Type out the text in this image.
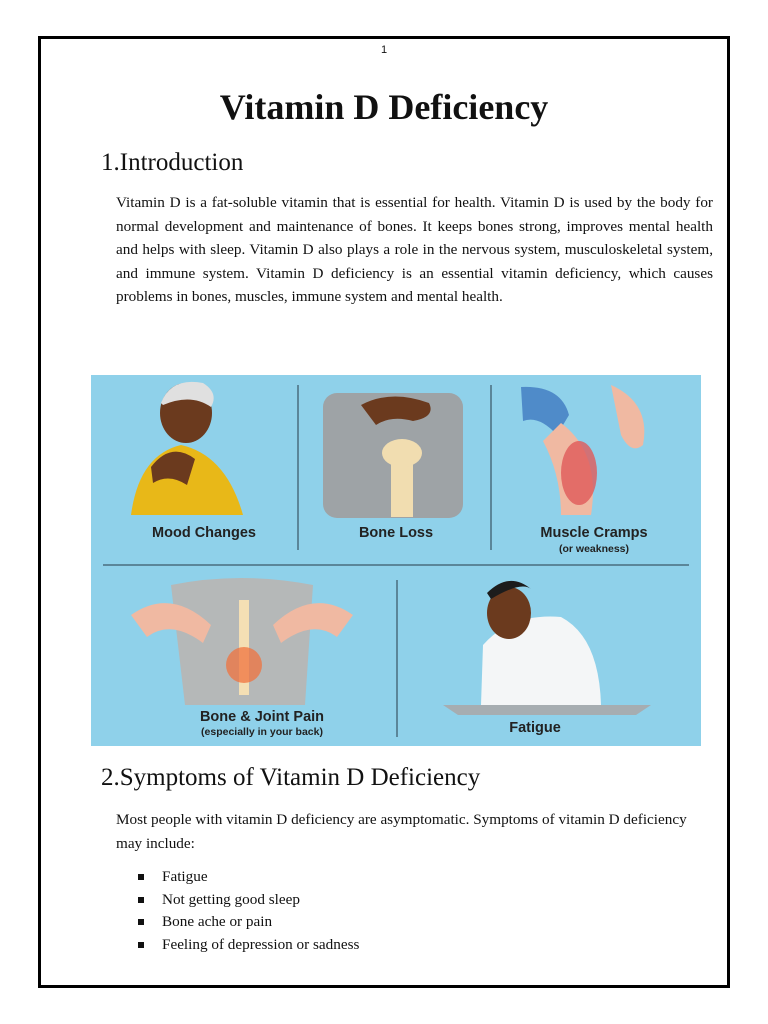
1
Vitamin D Deficiency
1.Introduction

Vitamin D is a fat-soluble vitamin that is essential for health. Vitamin D is used by the body for normal development and maintenance of bones. It keeps bones strong, improves mental health and helps with sleep. Vitamin D also plays a role in the nervous system, musculoskeletal system, and immune system. Vitamin D deficiency is an essential vitamin deficiency, which causes problems in bones, muscles, immune system and mental health.

Mood Changes	Bone Loss	Muscle Cramps
(or weakness)
Bone & Joint Pain
(especially in your back)	Fatigue
2.Symptoms of Vitamin D Deficiency

Most people with vitamin D deficiency are asymptomatic. Symptoms of vitamin D deficiency may include:

Fatigue
Not getting good sleep
Bone ache or pain
Feeling of depression or sadness
